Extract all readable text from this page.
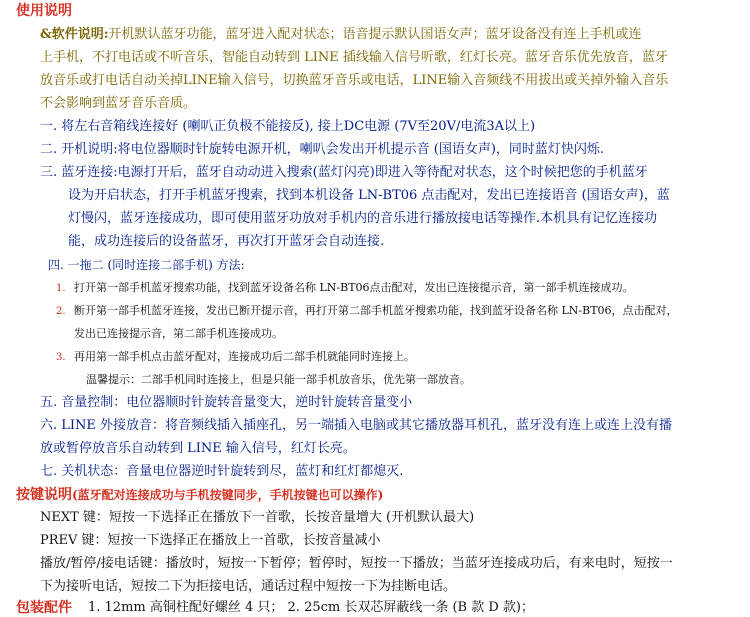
使用说明
&软件说明:开机默认蓝牙功能，蓝牙进入配对状态；语音提示默认国语女声；蓝牙设备没有连上手机或连
上手机，不打电话或不听音乐，智能自动转到 LINE 插线输入信号听歌，红灯长亮。蓝牙音乐优先放音，蓝牙
放音乐或打电话自动关掉LINE输入信号，切换蓝牙音乐或电话，LINE输入音频线不用拔出或关掉外输入音乐
不会影响到蓝牙音乐音质。
一. 将左右音箱线连接好 (喇叭正负极不能接反), 接上DC电源 (7V至20V/电流3A以上)
二. 开机说明:将电位器顺时针旋转电源开机，喇叭会发出开机提示音 (国语女声)，同时蓝灯快闪烁.
三. 蓝牙连接:电源打开后，蓝牙自动动进入搜索(蓝灯闪亮)即进入等待配对状态，这个时候把您的手机蓝牙
设为开启状态，打开手机蓝牙搜索，找到本机设备 LN-BT06 点击配对，发出已连接语音 (国语女声)，蓝
灯慢闪，蓝牙连接成功，即可使用蓝牙功放对手机内的音乐进行播放接电话等操作.本机具有记忆连接功
能，成功连接后的设备蓝牙，再次打开蓝牙会自动连接.
四. 一拖二 (同时连接二部手机) 方法:
1. 打开第一部手机蓝牙搜索功能，找到蓝牙设备名称 LN-BT06点击配对，发出已连接提示音，第一部手机连接成功。
2. 断开第一部手机蓝牙连接，发出已断开提示音，再打开第二部手机蓝牙搜索功能，找到蓝牙设备名称 LN-BT06，点击配对，
发出已连接提示音，第二部手机连接成功。
3. 再用第一部手机点击蓝牙配对，连接成功后二部手机就能同时连接上。
温馨提示：二部手机同时连接上，但是只能一部手机放音乐，优先第一部放音。
五. 音量控制：电位器顺时针旋转音量变大，逆时针旋转音量变小
六. LINE 外接放音：将音频线插入插座孔，另一端插入电脑或其它播放器耳机孔，蓝牙没有连上或连上没有播
放或暂停放音乐自动转到 LINE 输入信号，红灯长亮。
七. 关机状态：音量电位器逆时针旋转到尽，蓝灯和红灯都熄灭.
按键说明(蓝牙配对连接成功与手机按键同步，手机按键也可以操作)
NEXT 键：短按一下选择正在播放下一首歌，长按音量增大 (开机默认最大)
PREV 键：短按一下选择正在播放上一首歌，长按音量减小
播放/暂停/接电话键：播放时，短按一下暂停；暂停时，短按一下播放；当蓝牙连接成功后，有来电时，短按一
下为接听电话，短按二下为拒接电话，通话过程中短按一下为挂断电话。
包装配件 1. 12mm 高铜柱配好螺丝 4 只； 2. 25cm 长双芯屏蔽线一条 (B 款 D 款)；
